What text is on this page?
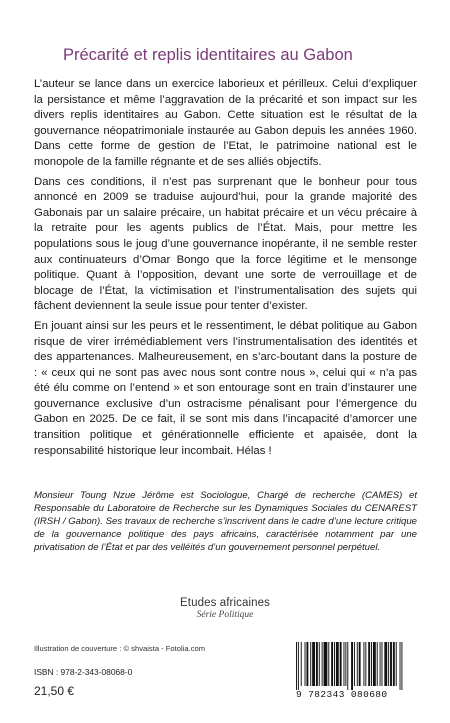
Précarité et replis identitaires au Gabon

L’auteur se lance dans un exercice laborieux et périlleux. Celui d’expliquer la persistance et même l’aggravation de la précarité et son impact sur les divers replis identitaires au Gabon. Cette situation est le résultat de la gouvernance néopatrimoniale instaurée au Gabon depuis les années 1960. Dans cette forme de gestion de l’Etat, le patrimoine national est le monopole de la famille régnante et de ses alliés objectifs.

Dans ces conditions, il n’est pas surprenant que le bonheur pour tous annoncé en 2009 se traduise aujourd’hui, pour la grande majorité des Gabonais par un salaire précaire, un habitat précaire et un vécu précaire à la retraite pour les agents publics de l’État. Mais, pour mettre les populations sous le joug d’une gouvernance inopérante, il ne semble rester aux continuateurs d’Omar Bongo que la force légitime et le mensonge politique. Quant à l’opposition, devant une sorte de verrouillage et de blocage de l’État, la victimisation et l’instrumentalisation des sujets qui fâchent deviennent la seule issue pour tenter d’exister.

En jouant ainsi sur les peurs et le ressentiment, le débat politique au Gabon risque de virer irrémédiablement vers l’instrumentalisation des identités et des appartenances. Malheureusement, en s’arc-boutant dans la posture de : « ceux qui ne sont pas avec nous sont contre nous », celui qui « n’a pas été élu comme on l’entend » et son entourage sont en train d’instaurer une gouvernance exclusive d’un ostracisme pénalisant pour l’émergence du Gabon en 2025. De ce fait, il se sont mis dans l’incapacité d’amorcer une transition politique et générationnelle efficiente et apaisée, dont la responsabilité historique leur incombait. Hélas !

Monsieur Toung Nzue Jérôme est Sociologue, Chargé de recherche (CAMES) et Responsable du Laboratoire de Recherche sur les Dynamiques Sociales du CENAREST (IRSH / Gabon). Ses travaux de recherche s’inscrivent dans le cadre d’une lecture critique de la gouvernance politique des pays africains, caractérisée notamment par une privatisation de l’État et par des velléités d’un gouvernement personnel perpétuel.
Etudes africaines
Série Politique
Illustration de couverture : © shvaista - Fotolia.com
ISBN : 978-2-343-08068-0
21,50 €	9 782343 080680
